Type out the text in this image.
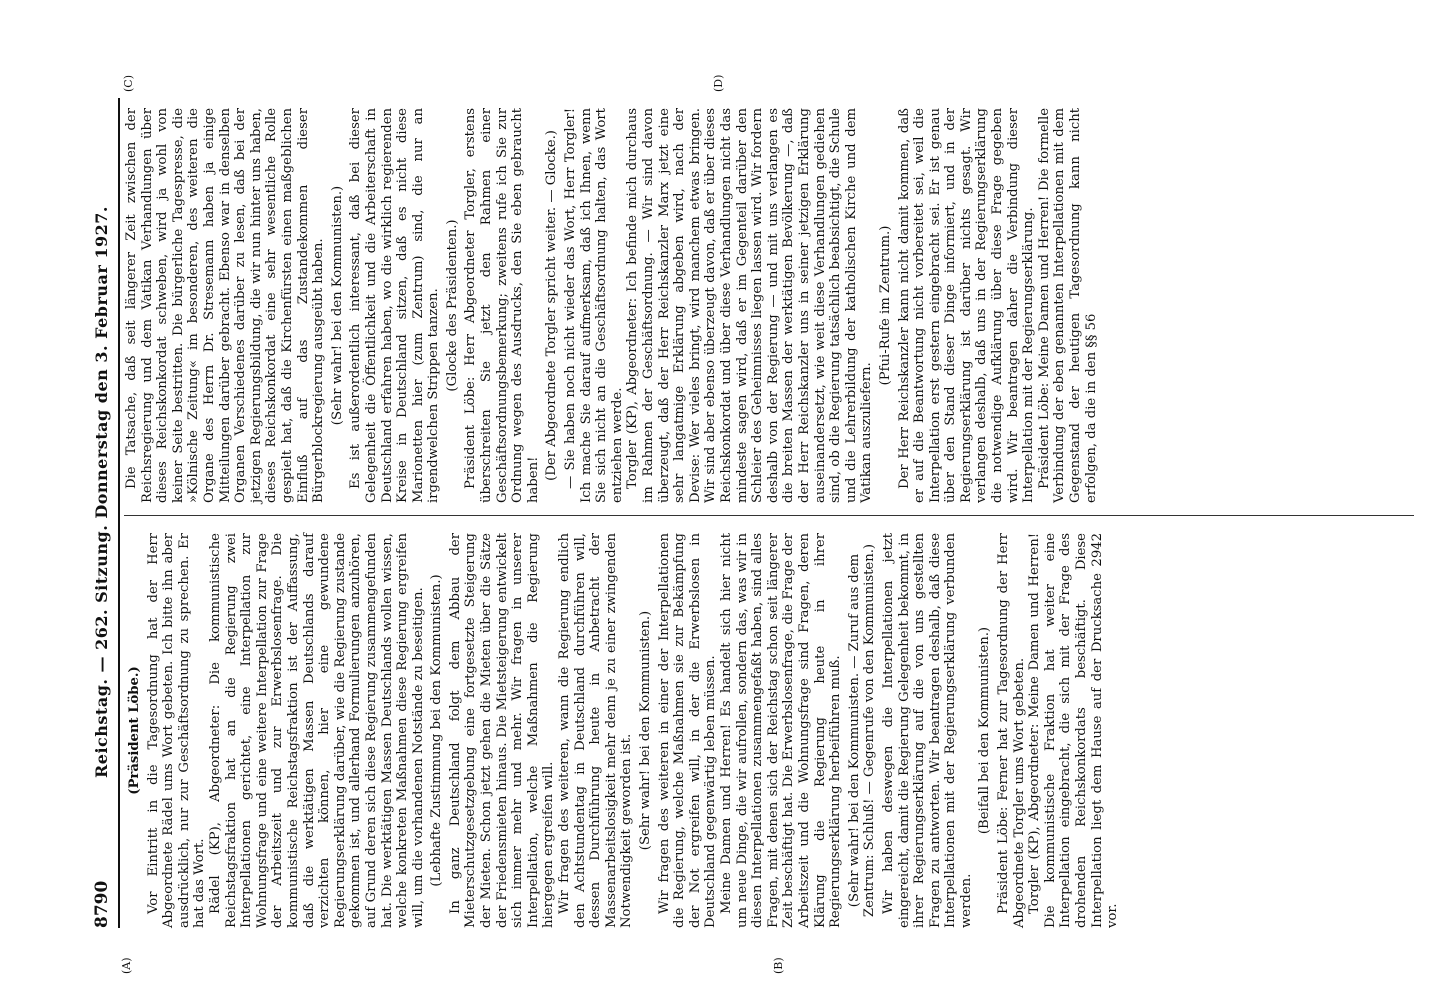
8790
Reichstag. — 262. Sitzung. Donnerstag den 3. Februar 1927.
(A)	(B)
(C)	(D)

(Präsident Löbe.) Vor Eintritt in die Tagesordnung hat der Herr Abgeordnete Rädel ums Wort gebeten. Ich bitte ihn aber ausdrücklich, nur zur Geschäftsordnung zu sprechen. Er hat das Wort. Rädel (KP), Abgeordneter: Die kommunistische Reichstagsfraktion hat an die Regierung zwei Interpellationen gerichtet, eine Interpellation zur Wohnungsfrage und eine weitere Interpellation zur Frage der Arbeitszeit und zur Erwerbslosenfrage. Die kommunistische Reichstagsfraktion ist der Auffassung, daß die werktätigen Massen Deutschlands darauf verzichten können, hier eine gewundene Regierungserklärung darüber, wie die Regierung zustande gekommen ist, und allerhand Formulierungen anzuhören, auf Grund deren sich diese Regierung zusammengefunden hat. Die werktätigen Massen Deutschlands wollen wissen, welche konkreten Maßnahmen diese Regierung ergreifen will, um die vorhandenen Notstände zu beseitigen. (Lebhafte Zustimmung bei den Kommunisten.) In ganz Deutschland folgt dem Abbau der Mieterschutzgesetzgebung eine fortgesetzte Steigerung der Mieten. Schon jetzt gehen die Mieten über die Sätze der Friedensmieten hinaus. Die Mietsteigerung entwickelt sich immer mehr und mehr. Wir fragen in unserer Interpellation, welche Maßnahmen die Regierung hiergegen ergreifen will. Wir fragen des weiteren, wann die Regierung endlich den Achtstundentag in Deutschland durchführen will, dessen Durchführung heute in Anbetracht der Massenarbeitslosigkeit mehr denn je zu einer zwingenden Notwendigkeit geworden ist. (Sehr wahr! bei den Kommunisten.) Wir fragen des weiteren in einer der Interpellationen die Regierung, welche Maßnahmen sie zur Bekämpfung der Not ergreifen will, in der die Erwerbslosen in Deutschland gegenwärtig leben müssen. Meine Damen und Herren! Es handelt sich hier nicht um neue Dinge, die wir aufrollen, sondern das, was wir in diesen Interpellationen zusammengefaßt haben, sind alles Fragen, mit denen sich der Reichstag schon seit längerer Zeit beschäftigt hat. Die Erwerbslosenfrage, die Frage der Arbeitszeit und die Wohnungsfrage sind Fragen, deren Klärung die Regierung heute in ihrer Regierungserklärung herbeiführen muß. (Sehr wahr! bei den Kommunisten. — Zuruf aus dem Zentrum: Schluß! — Gegenrufe von den Kommunisten.) Wir haben deswegen die Interpellationen jetzt eingereicht, damit die Regierung Gelegenheit bekommt, in ihrer Regierungserklärung auf die von uns gestellten Fragen zu antworten. Wir beantragen deshalb, daß diese Interpellationen mit der Regierungserklärung verbunden werden.

(Beifall bei den Kommunisten.) Präsident Löbe: Ferner hat zur Tagesordnung der Herr Abgeordnete Torgler ums Wort gebeten. Torgler (KP), Abgeordneter: Meine Damen und Herren! Die kommunistische Fraktion hat weiter eine Interpellation eingebracht, die sich mit der Frage des drohenden Reichskonkordats beschäftigt. Diese Interpellation liegt dem Hause auf der Drucksache 2942 vor.

Die Tatsache, daß seit längerer Zeit zwischen der Reichsregierung und dem Vatikan Verhandlungen über dieses Reichskonkordat schweben, wird ja wohl von keiner Seite bestritten. Die bürgerliche Tagespresse, die »Kölnische Zeitung« im besonderen, des weiteren die Organe des Herrn Dr. Stresemann haben ja einige Mitteilungen darüber gebracht. Ebenso war in denselben Organen Verschiedenes darüber zu lesen, daß bei der jetzigen Regierungsbildung, die wir nun hinter uns haben, dieses Reichskonkordat eine sehr wesentliche Rolle gespielt hat, daß die Kirchenfürsten einen maßgeblichen Einfluß auf das Zustandekommen dieser Bürgerblockregierung ausgeübt haben. (Sehr wahr! bei den Kommunisten.) Es ist außerordentlich interessant, daß bei dieser Gelegenheit die Öffentlichkeit und die Arbeiterschaft in Deutschland erfahren haben, wo die wirklich regierenden Kreise in Deutschland sitzen, daß es nicht diese Marionetten hier (zum Zentrum) sind, die nur an irgendwelchen Strippen tanzen. (Glocke des Präsidenten.) Präsident Löbe: Herr Abgeordneter Torgler, erstens überschreiten Sie jetzt den Rahmen einer Geschäftsordnungsbemerkung; zweitens rufe ich Sie zur Ordnung wegen des Ausdrucks, den Sie eben gebraucht haben! (Der Abgeordnete Torgler spricht weiter. — Glocke.) — Sie haben noch nicht wieder das Wort, Herr Torgler! Ich mache Sie darauf aufmerksam, daß ich Ihnen, wenn Sie sich nicht an die Geschäftsordnung halten, das Wort entziehen werde. Torgler (KP), Abgeordneter: Ich befinde mich durchaus im Rahmen der Geschäftsordnung. — Wir sind davon überzeugt, daß der Herr Reichskanzler Marx jetzt eine sehr langatmige Erklärung abgeben wird, nach der Devise: Wer vieles bringt, wird manchem etwas bringen. Wir sind aber ebenso überzeugt davon, daß er über dieses Reichskonkordat und über diese Verhandlungen nicht das mindeste sagen wird, daß er im Gegenteil darüber den Schleier des Geheimnisses liegen lassen wird. Wir fordern deshalb von der Regierung — und mit uns verlangen es die breiten Massen der werktätigen Bevölkerung —, daß der Herr Reichskanzler uns in seiner jetzigen Erklärung auseinandersetzt, wie weit diese Verhandlungen gediehen sind, ob die Regierung tatsächlich beabsichtigt, die Schule und die Lehrerbildung der katholischen Kirche und dem Vatikan auszuliefern.

(Pfui-Rufe im Zentrum.) Der Herr Reichskanzler kann nicht damit kommen, daß er auf die Beantwortung nicht vorbereitet sei, weil die Interpellation erst gestern eingebracht sei. Er ist genau über den Stand dieser Dinge informiert, und in der Regierungserklärung ist darüber nichts gesagt. Wir verlangen deshalb, daß uns in der Regierungserklärung die notwendige Aufklärung über diese Frage gegeben wird. Wir beantragen daher die Verbindung dieser Interpellation mit der Regierungserklärung. Präsident Löbe: Meine Damen und Herren! Die formelle Verbindung der eben genannten Interpellationen mit dem Gegenstand der heutigen Tagesordnung kann nicht erfolgen, da die in den §§ 56
